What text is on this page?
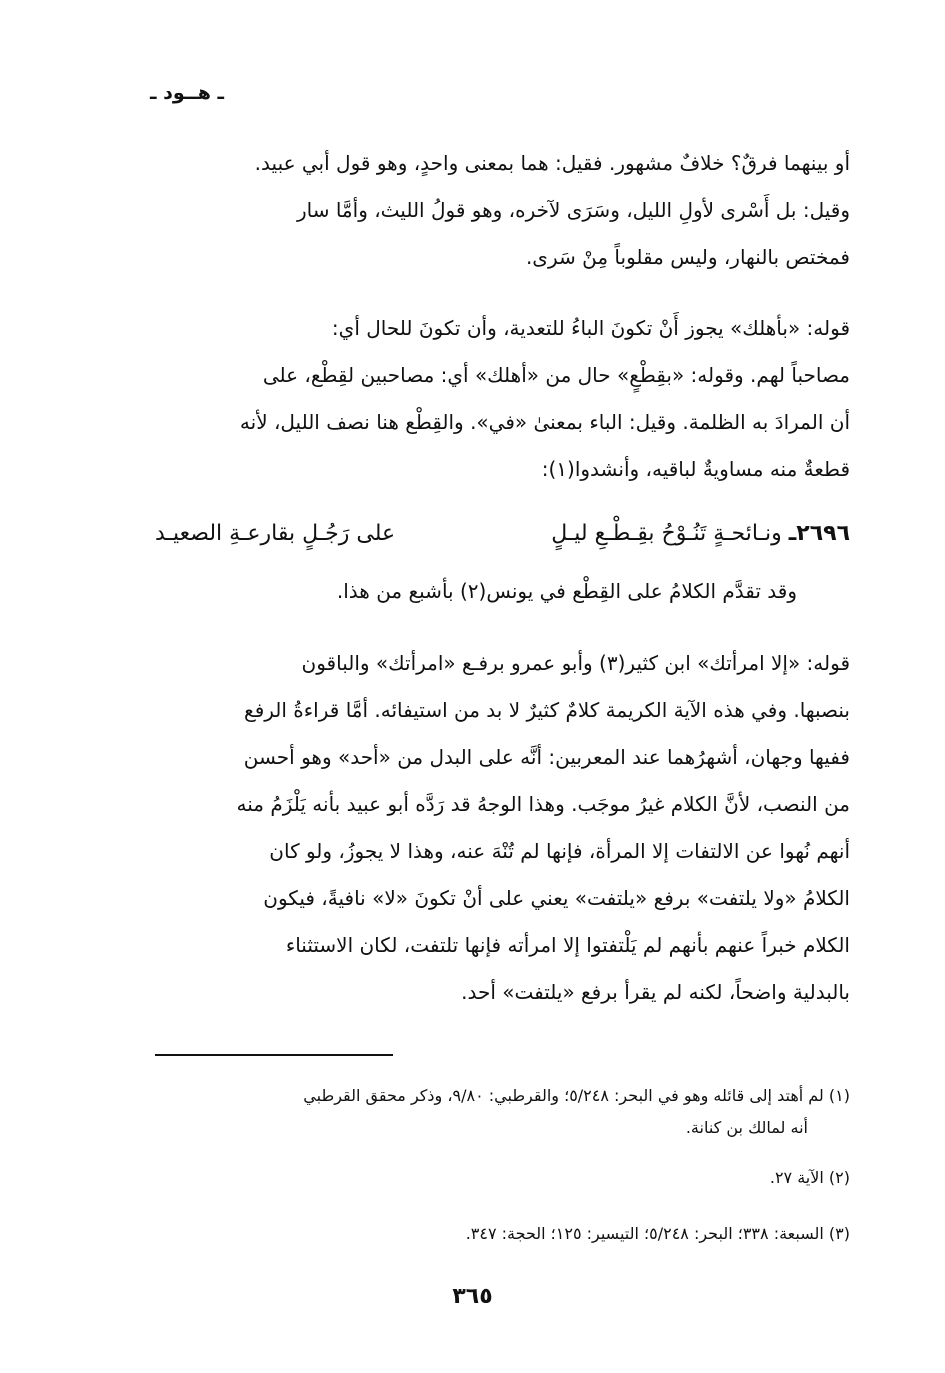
ـ هــود ـ
أو بينهما فرقٌ؟ خلافٌ مشهور. فقيل: هما بمعنى واحدٍ، وهو قول أبي عبيد.
وقيل: بل أَسْرى لأولِ الليل، وسَرَى لآخره، وهو قولُ الليث، وأمَّا سار
فمختص بالنهار، وليس مقلوباً مِنْ سَرى.
قوله: «بأهلك» يجوز أَنْ تكونَ الباءُ للتعدية، وأن تكونَ للحال أي:
مصاحباً لهم. وقوله: «بقِطْعٍ» حال من «أهلك» أي: مصاحبين لقِطْع، على
أن المرادَ به الظلمة. وقيل: الباء بمعنىٰ «في». والقِطْع هنا نصف الليل، لأنه
قطعةٌ منه مساويةٌ لباقيه، وأنشدوا(١):
٢٦٩٦ـ ونـائحـةٍ تَنُـوْحُ بقِـطْـعِ ليـلٍ
على رَجُـلٍ بقارعـةِ الصعيـد
وقد تقدَّم الكلامُ على القِطْع في يونس(٢) بأشبع من هذا.
قوله: «إلا امرأتك» ابن كثير(٣) وأبو عمرو برفـع «امرأتك» والباقون
بنصبها. وفي هذه الآية الكريمة كلامٌ كثيرٌ لا بد من استيفائه. أمَّا قراءةُ الرفع
ففيها وجهان، أشهرُهما عند المعربين: أنَّه على البدل من «أحد» وهو أحسن
من النصب، لأنَّ الكلام غيرُ موجَب. وهذا الوجهُ قد رَدَّه أبو عبيد بأنه يَلْزَمُ منه
أنهم نُهوا عن الالتفات إلا المرأة، فإنها لم تُنْهَ عنه، وهذا لا يجوزُ، ولو كان
الكلامُ «ولا يلتفت» برفع «يلتفت» يعني على أنْ تكونَ «لا» نافيةً، فيكون
الكلام خبراً عنهم بأنهم لم يَلْتفتوا إلا امرأته فإنها تلتفت، لكان الاستثناء
بالبدلية واضحاً، لكنه لم يقرأ برفع «يلتفت» أحد.
(١) لم أهتد إلى قائله وهو في البحر: ٥/٢٤٨؛ والقرطبي: ٩/٨٠، وذكر محقق القرطبي
أنه لمالك بن كنانة.
(٢) الآية ٢٧.
(٣) السبعة: ٣٣٨؛ البحر: ٥/٢٤٨؛ التيسير: ١٢٥؛ الحجة: ٣٤٧.
٣٦٥
